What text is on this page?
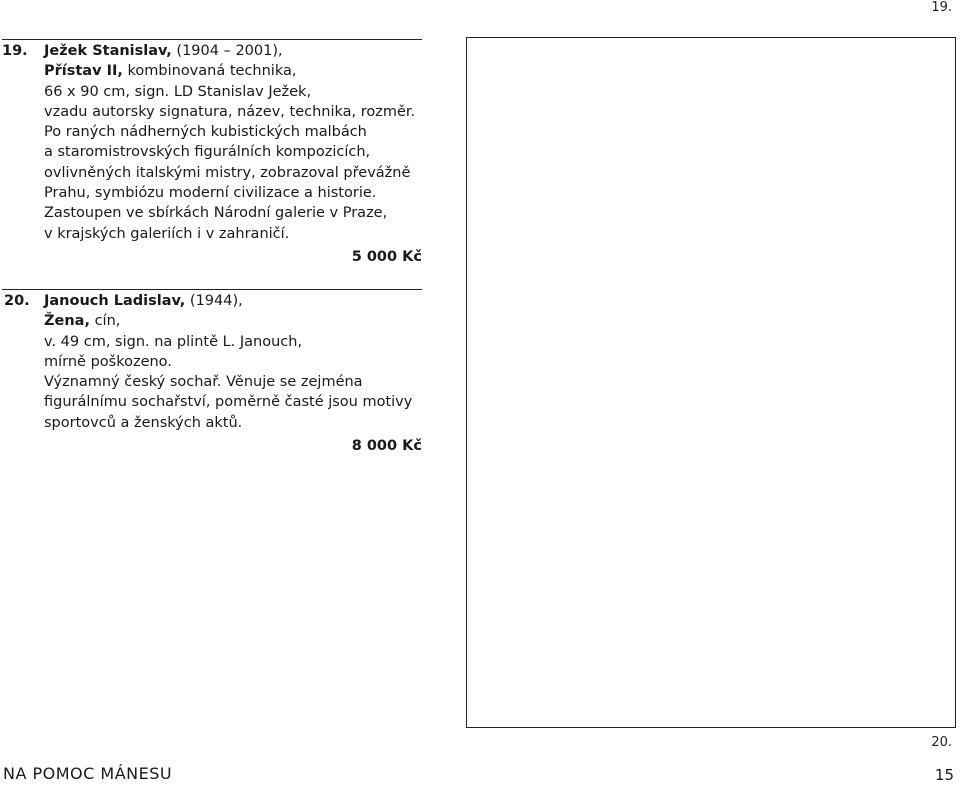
19.
20.
19. Ježek Stanislav, (1904 – 2001),
Přístav II, kombinovaná technika,
66 x 90 cm, sign. LD Stanislav Ježek,
vzadu autorsky signatura, název, technika, rozměr.
Po raných nádherných kubistických malbách
a staromistrovských figurálních kompozicích,
ovlivněných italskými mistry, zobrazoval převážně
Prahu, symbiózu moderní civilizace a historie.
Zastoupen ve sbírkách Národní galerie v Praze,
v krajských galeriích i v zahraničí.
5 000 Kč
20. Janouch Ladislav, (1944),
Žena, cín,
v. 49 cm, sign. na plintě L. Janouch,
mírně poškozeno.
Významný český sochař. Věnuje se zejména
figurálnímu sochařství, poměrně časté jsou motivy
sportovců a ženských aktů.
8 000 Kč
NA POMOC MÁNESU	15
